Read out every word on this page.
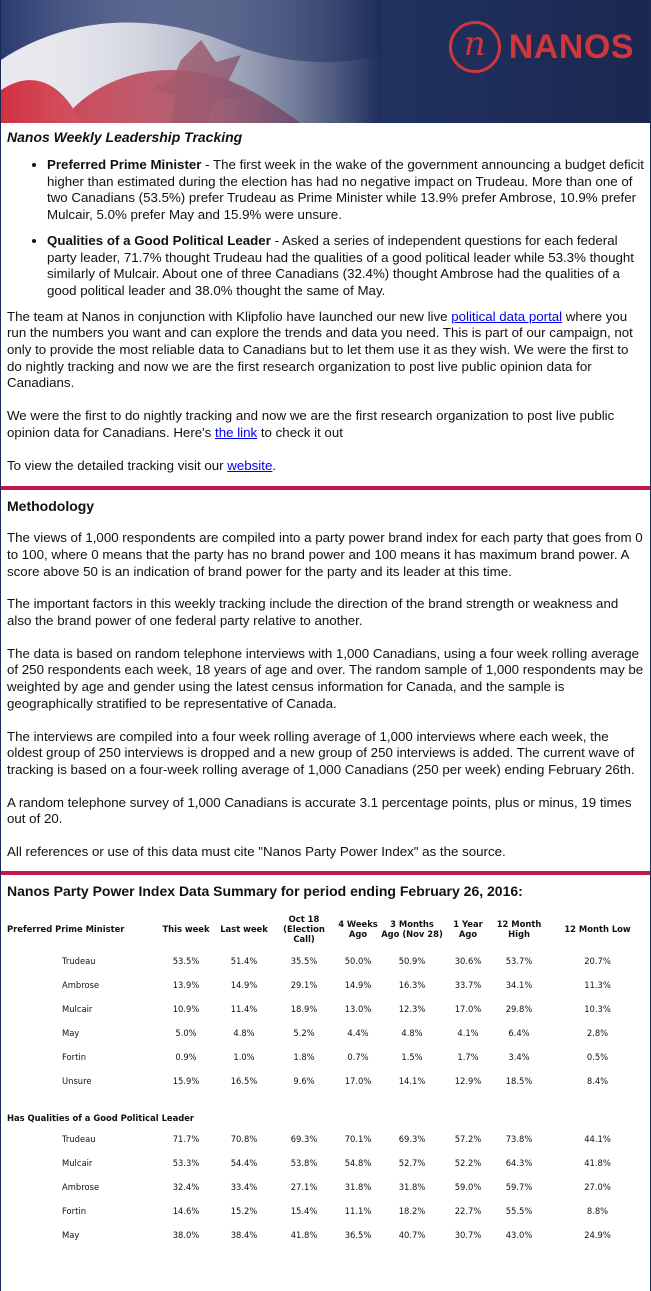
n NANOS
Nanos Weekly Leadership Tracking
• Preferred Prime Minister - The first week in the wake of the government announcing a budget deficit higher than estimated during the election has had no negative impact on Trudeau. More than one of two Canadians (53.5%) prefer Trudeau as Prime Minister while 13.9% prefer Ambrose, 10.9% prefer Mulcair, 5.0% prefer May and 15.9% were unsure.
• Qualities of a Good Political Leader - Asked a series of independent questions for each federal party leader, 71.7% thought Trudeau had the qualities of a good political leader while 53.3% thought similarly of Mulcair. About one of three Canadians (32.4%) thought Ambrose had the qualities of a good political leader and 38.0% thought the same of May.

The team at Nanos in conjunction with Klipfolio have launched our new live political data portal where you run the numbers you want and can explore the trends and data you need. This is part of our campaign, not only to provide the most reliable data to Canadians but to let them use it as they wish. We were the first to do nightly tracking and now we are the first research organization to post live public opinion data for Canadians.

We were the first to do nightly tracking and now we are the first research organization to post live public opinion data for Canadians. Here's the link to check it out

To view the detailed tracking visit our website.

Methodology

The views of 1,000 respondents are compiled into a party power brand index for each party that goes from 0 to 100, where 0 means that the party has no brand power and 100 means it has maximum brand power. A score above 50 is an indication of brand power for the party and its leader at this time.

The important factors in this weekly tracking include the direction of the brand strength or weakness and also the brand power of one federal party relative to another.

The data is based on random telephone interviews with 1,000 Canadians, using a four week rolling average of 250 respondents each week, 18 years of age and over. The random sample of 1,000 respondents may be weighted by age and gender using the latest census information for Canada, and the sample is geographically stratified to be representative of Canada.

The interviews are compiled into a four week rolling average of 1,000 interviews where each week, the oldest group of 250 interviews is dropped and a new group of 250 interviews is added. The current wave of tracking is based on a four-week rolling average of 1,000 Canadians (250 per week) ending February 26th.

A random telephone survey of 1,000 Canadians is accurate 3.1 percentage points, plus or minus, 19 times out of 20.

All references or use of this data must cite "Nanos Party Power Index" as the source.

Nanos Party Power Index Data Summary for period ending February 26, 2016:
Preferred Prime Minister	This week	Last week	Oct 18 (Election Call)	4 Weeks Ago	3 Months Ago (Nov 28)	1 Year Ago	12 Month High	12 Month Low
Trudeau	53.5%	51.4%	35.5%	50.0%	50.9%	30.6%	53.7%	20.7%
Ambrose	13.9%	14.9%	29.1%	14.9%	16.3%	33.7%	34.1%	11.3%
Mulcair	10.9%	11.4%	18.9%	13.0%	12.3%	17.0%	29.8%	10.3%
May	5.0%	4.8%	5.2%	4.4%	4.8%	4.1%	6.4%	2.8%
Fortin	0.9%	1.0%	1.8%	0.7%	1.5%	1.7%	3.4%	0.5%
Unsure	15.9%	16.5%	9.6%	17.0%	14.1%	12.9%	18.5%	8.4%
Has Qualities of a Good Political Leader								
Trudeau	71.7%	70.8%	69.3%	70.1%	69.3%	57.2%	73.8%	44.1%
Mulcair	53.3%	54.4%	53.8%	54.8%	52.7%	52.2%	64.3%	41.8%
Ambrose	32.4%	33.4%	27.1%	31.8%	31.8%	59.0%	59.7%	27.0%
Fortin	14.6%	15.2%	15.4%	11.1%	18.2%	22.7%	55.5%	8.8%
May	38.0%	38.4%	41.8%	36.5%	40.7%	30.7%	43.0%	24.9%
